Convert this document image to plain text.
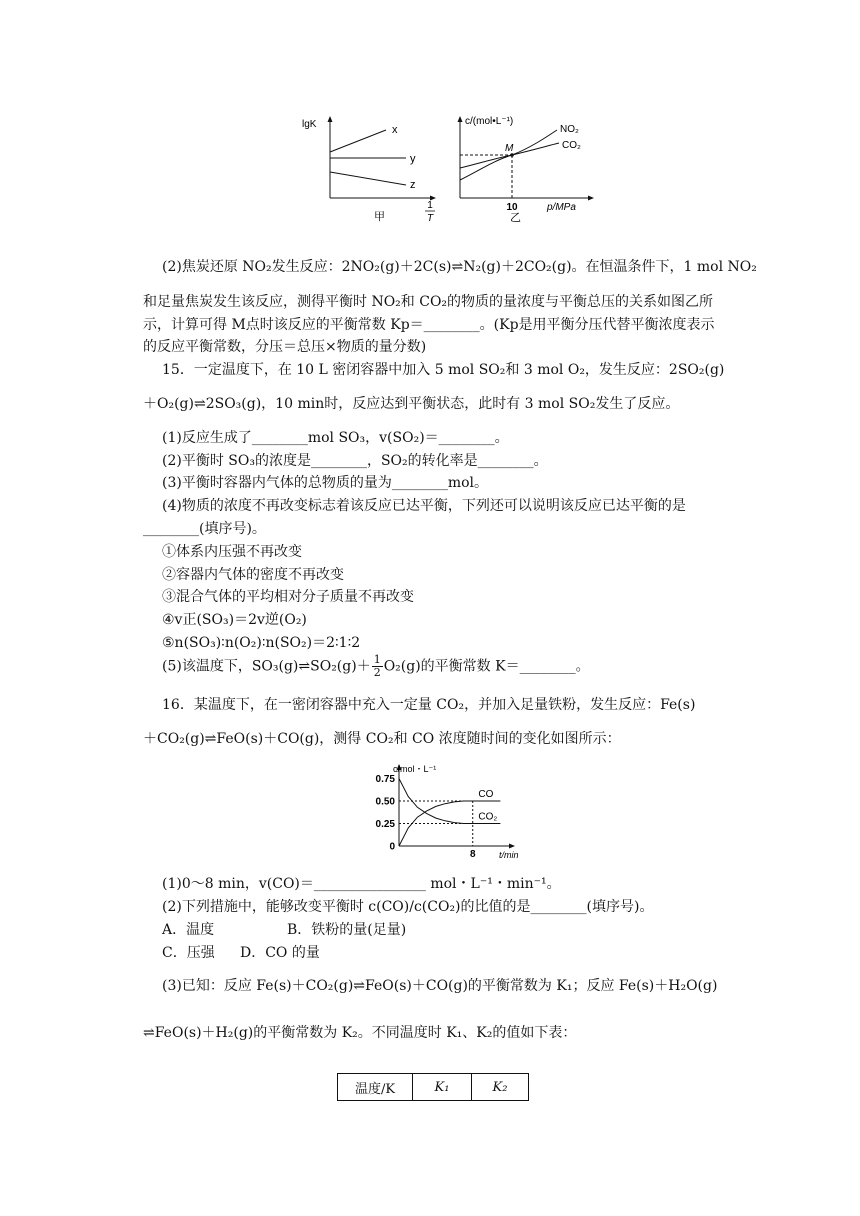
lgK	x
y
z
甲
1
T
c/(mol•L⁻¹)
M
NO₂
CO₂
10	p/MPa
乙
(2)焦炭还原 NO₂发生反应：2NO₂(g)＋2C(s)⇌N₂(g)＋2CO₂(g)。在恒温条件下，1 mol NO₂
和足量焦炭发生该反应，测得平衡时 NO₂和 CO₂的物质的量浓度与平衡总压的关系如图乙所
示，计算可得 M点时该反应的平衡常数 Kp＝________。(Kp是用平衡分压代替平衡浓度表示
的反应平衡常数，分压＝总压×物质的量分数)
15．一定温度下，在 10 L 密闭容器中加入 5 mol SO₂和 3 mol O₂，发生反应：2SO₂(g)
＋O₂(g)⇌2SO₃(g)，10 min时，反应达到平衡状态，此时有 3 mol SO₂发生了反应。
(1)反应生成了________mol SO₃，v(SO₂)＝________。
(2)平衡时 SO₃的浓度是________，SO₂的转化率是________。
(3)平衡时容器内气体的总物质的量为________mol。
(4)物质的浓度不再改变标志着该反应已达平衡，下列还可以说明该反应已达平衡的是
________(填序号)。
①体系内压强不再改变
②容器内气体的密度不再改变
③混合气体的平均相对分子质量不再改变
④v正(SO₃)＝2v逆(O₂)
⑤n(SO₃)∶n(O₂)∶n(SO₂)＝2∶1∶2
(5)该温度下，SO₃(g)⇌SO₂(g)＋ $\frac{1}{2} O_2(g)$的平衡常数 K＝________。
16．某温度下，在一密闭容器中充入一定量 CO₂，并加入足量铁粉，发生反应：Fe(s)
＋CO₂(g)⇌FeO(s)＋CO(g)，测得 CO₂和 CO 浓度随时间的变化如图所示：
c/mol・L⁻¹
0.75
0.50
0.25
0
8	t/min
CO
CO₂
(1)0～8 min，v(CO)＝________________ mol・L⁻¹・min⁻¹。
(2)下列措施中，能够改变平衡时 c(CO)/c(CO₂)的比值的是________(填序号)。
A．温度	B．铁粉的量(足量)
C．压强 D．CO 的量
(3)已知：反应 Fe(s)＋CO₂(g)⇌FeO(s)＋CO(g)的平衡常数为 K₁；反应 Fe(s)＋H₂O(g)
⇌FeO(s)＋H₂(g)的平衡常数为 K₂。不同温度时 K₁、K₂的值如下表：
温度/K	K₁	K₂
